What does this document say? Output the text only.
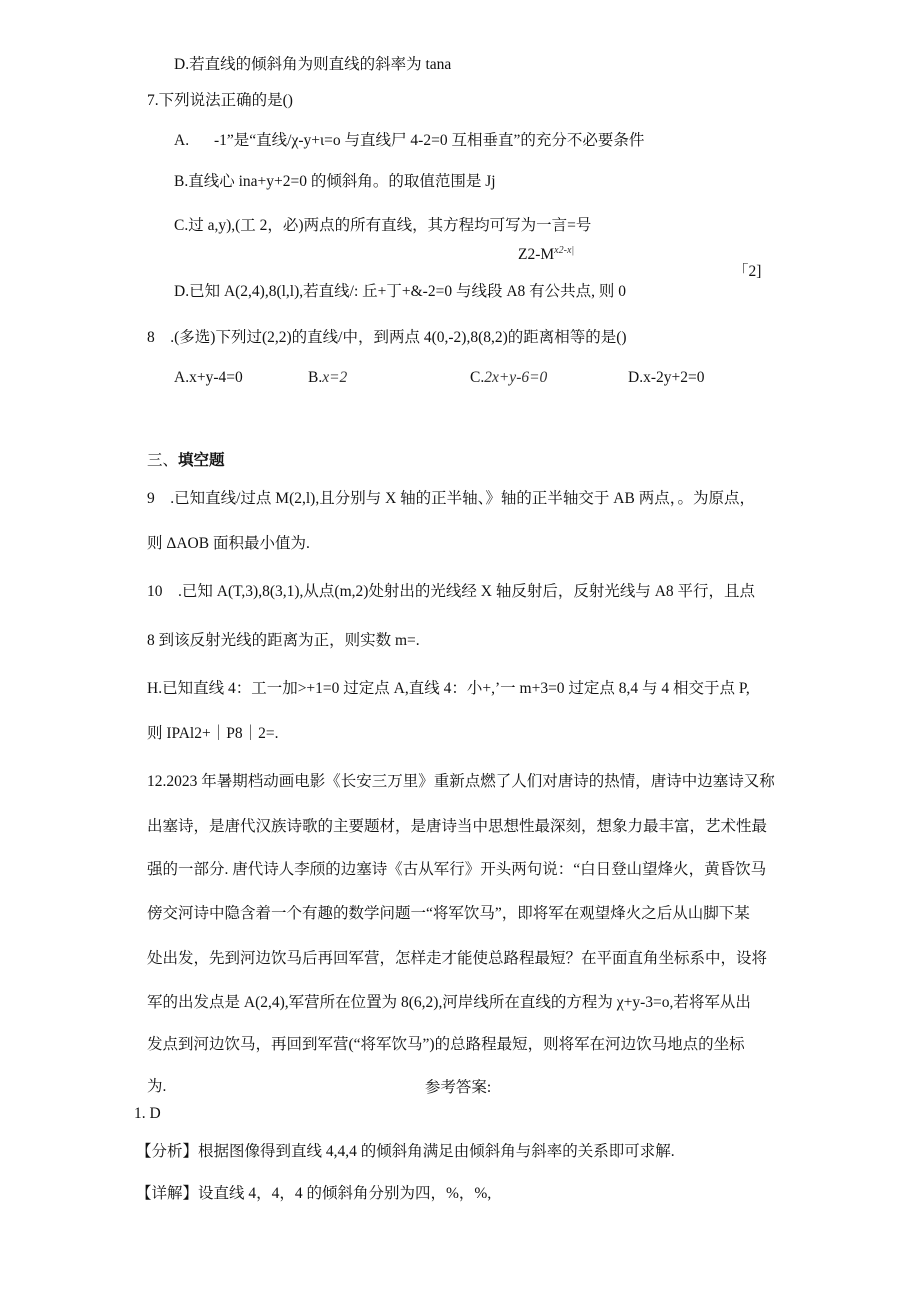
D.若直线的倾斜角为则直线的斜率为 tana
7.下列说法正确的是()
A. -1”是“直线/χ-y+ι=o 与直线尸 4-2=0 互相垂直”的充分不必要条件
B.直线心 ina+y+2=0 的倾斜角。的取值范围是 Jj
C.过 a,y),(工 2，必)两点的所有直线，其方程均可写为一言=号
$Z2-M^{x2-x|}$
「2]
D.已知 A(2,4),8(l,l),若直线/: 丘+丁+&-2=0 与线段 A8 有公共点, 则 0
8　.(多选)下列过(2,2)的直线/中，到两点 4(0,-2),8(8,2)的距离相等的是()
A.x+y-4=0	B.x=2	C.2x+y-6=0	D.x-2y+2=0
三、填空题
9　.已知直线/过点 M(2,l),且分别与 X 轴的正半轴、》轴的正半轴交于 AB 两点，。为原点，
则 ΔAOB 面积最小值为.
10　.已知 A(T,3),8(3,1),从点(m,2)处射出的光线经 X 轴反射后，反射光线与 A8 平行，且点
8 到该反射光线的距离为正，则实数 m=.
H.已知直线 4：工一加>+1=0 过定点 A,直线 4：小+,’一 m+3=0 过定点 8,4 与 4 相交于点 P,
则 IPAl2+｜P8｜2=.
12.2023 年暑期档动画电影《长安三万里》重新点燃了人们对唐诗的热情，唐诗中边塞诗又称
出塞诗，是唐代汉族诗歌的主要题材，是唐诗当中思想性最深刻，想象力最丰富，艺术性最
强的一部分. 唐代诗人李颀的边塞诗《古从军行》开头两句说：“白日登山望烽火，黄昏饮马
傍交河诗中隐含着一个有趣的数学问题一“将军饮马”，即将军在观望烽火之后从山脚下某
处出发，先到河边饮马后再回军营，怎样走才能使总路程最短？在平面直角坐标系中，设将
军的出发点是 A(2,4),军营所在位置为 8(6,2),河岸线所在直线的方程为 χ+y-3=o,若将军从出
发点到河边饮马，再回到军营(“将军饮马”)的总路程最短，则将军在河边饮马地点的坐标
为.	参考答案:
1. D
【分析】根据图像得到直线 4,4,4 的倾斜角满足由倾斜角与斜率的关系即可求解.
【详解】设直线 4，4，4 的倾斜角分别为四，%，%,
